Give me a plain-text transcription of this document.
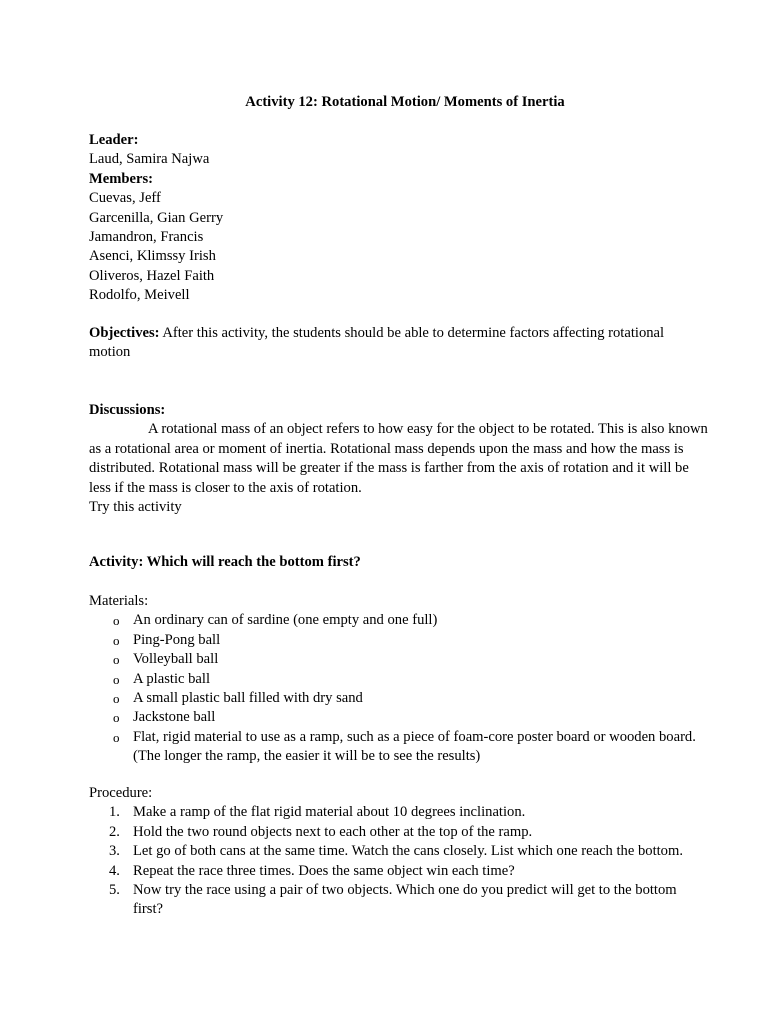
Activity 12: Rotational Motion/ Moments of Inertia
Leader:
Laud, Samira Najwa
Members:
Cuevas, Jeff
Garcenilla, Gian Gerry
Jamandron, Francis
Asenci, Klimssy Irish
Oliveros, Hazel Faith
Rodolfo, Meivell
Objectives: After this activity, the students should be able to determine factors affecting rotational
motion
Discussions:
A rotational mass of an object refers to how easy for the object to be rotated. This is also known
as a rotational area or moment of inertia. Rotational mass depends upon the mass and how the mass is
distributed. Rotational mass will be greater if the mass is farther from the axis of rotation and it will be
less if the mass is closer to the axis of rotation.
Try this activity
Activity: Which will reach the bottom first?
Materials:
o An ordinary can of sardine (one empty and one full)
o Ping-Pong ball
o Volleyball ball
o A plastic ball
o A small plastic ball filled with dry sand
o Jackstone ball
o Flat, rigid material to use as a ramp, such as a piece of foam-core poster board or wooden board.
(The longer the ramp, the easier it will be to see the results)
Procedure:
1. Make a ramp of the flat rigid material about 10 degrees inclination.
2. Hold the two round objects next to each other at the top of the ramp.
3. Let go of both cans at the same time. Watch the cans closely. List which one reach the bottom.
4. Repeat the race three times. Does the same object win each time?
5. Now try the race using a pair of two objects. Which one do you predict will get to the bottom
first?
